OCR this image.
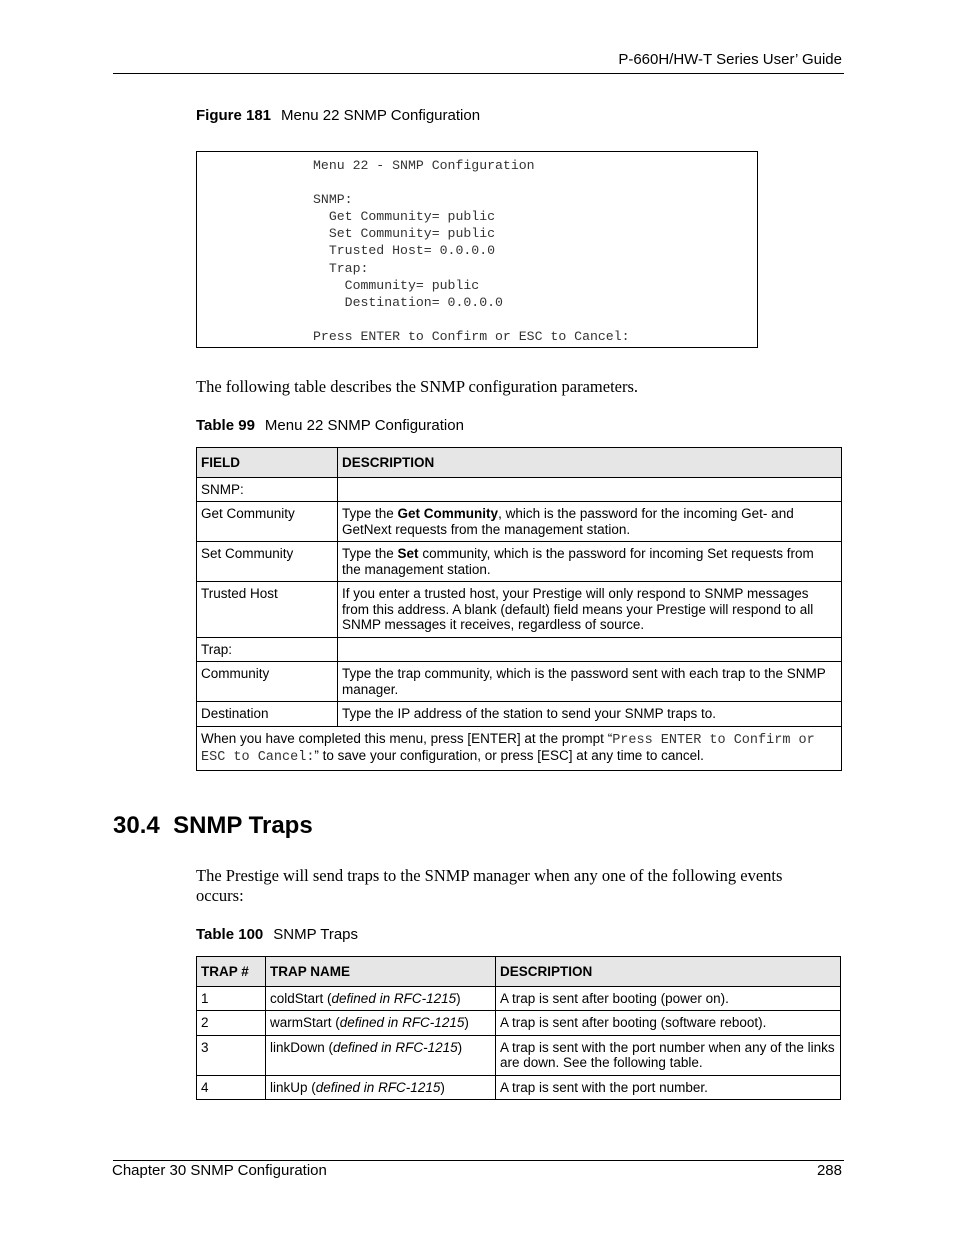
P-660H/HW-T Series User’ Guide
Figure 181 Menu 22 SNMP Configuration
Menu 22 - SNMP Configuration

SNMP:
Get Community= public
Set Community= public
Trusted Host= 0.0.0.0
Trap:
Community= public
Destination= 0.0.0.0

Press ENTER to Confirm or ESC to Cancel:
The following table describes the SNMP configuration parameters.
Table 99 Menu 22 SNMP Configuration
FIELD	DESCRIPTION
SNMP:	
Get Community	Type the Get Community, which is the password for the incoming Get- and GetNext requests from the management station.
Set Community	Type the Set community, which is the password for incoming Set requests from the management station.
Trusted Host	If you enter a trusted host, your Prestige will only respond to SNMP messages from this address. A blank (default) field means your Prestige will respond to all SNMP messages it receives, regardless of source.
Trap:	
Community	Type the trap community, which is the password sent with each trap to the SNMP manager.
Destination	Type the IP address of the station to send your SNMP traps to.
When you have completed this menu, press [ENTER] at the prompt “Press ENTER to Confirm or ESC to Cancel:” to save your configuration, or press [ESC] at any time to cancel.	
30.4 SNMP Traps
The Prestige will send traps to the SNMP manager when any one of the following events occurs:
Table 100 SNMP Traps
TRAP #	TRAP NAME	DESCRIPTION
1	coldStart (defined in RFC-1215)	A trap is sent after booting (power on).
2	warmStart (defined in RFC-1215)	A trap is sent after booting (software reboot).
3	linkDown (defined in RFC-1215)	A trap is sent with the port number when any of the links are down. See the following table.
4	linkUp (defined in RFC-1215)	A trap is sent with the port number.
Chapter 30 SNMP Configuration	288
